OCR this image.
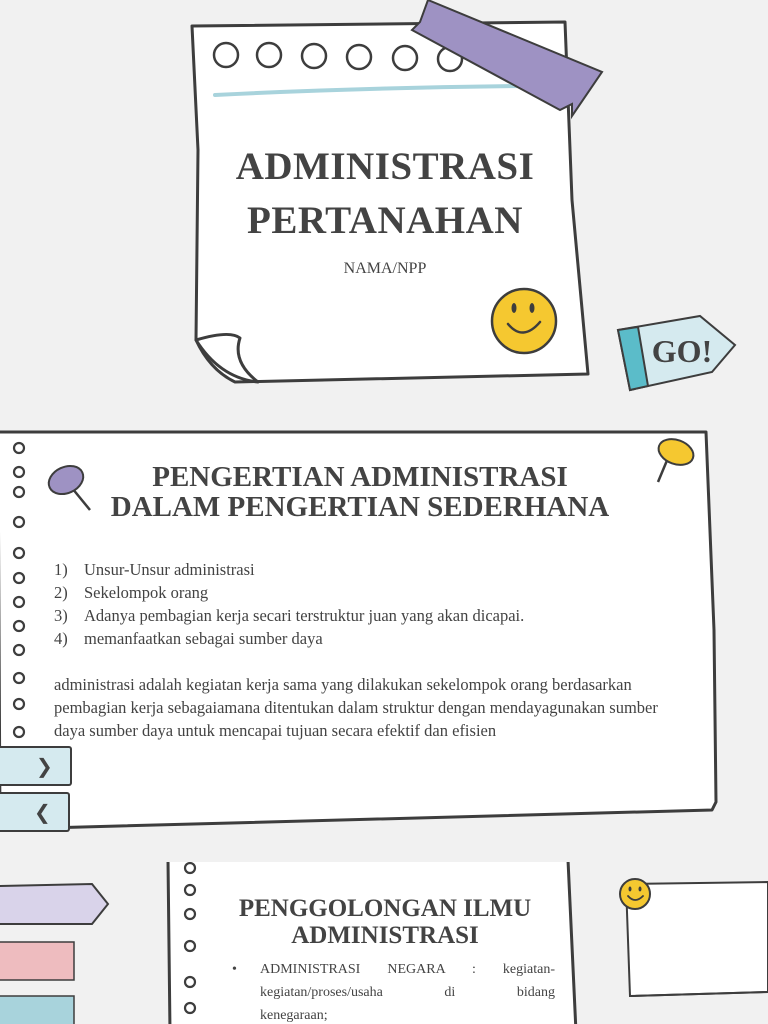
ADMINISTRASI
PERTANAHAN
NAMA/NPP
GO!
PENGERTIAN ADMINISTRASI
DALAM PENGERTIAN SEDERHANA
1) Unsur-Unsur administrasi
2) Sekelompok orang
3) Adanya pembagian kerja secari terstruktur juan yang akan dicapai.
4) memanfaatkan sebagai sumber daya
administrasi adalah kegiatan kerja sama yang dilakukan sekelompok orang berdasarkan pembagian kerja sebagaiamana ditentukan dalam struktur dengan mendayagunakan sumber daya sumber daya untuk mencapai tujuan secara efektif dan efisien
❯
❮
PENGGOLONGAN ILMU
ADMINISTRASI
• ADMINISTRASI NEGARA : kegiatan-kegiatan/proses/usaha di bidang
kenegaraan;
